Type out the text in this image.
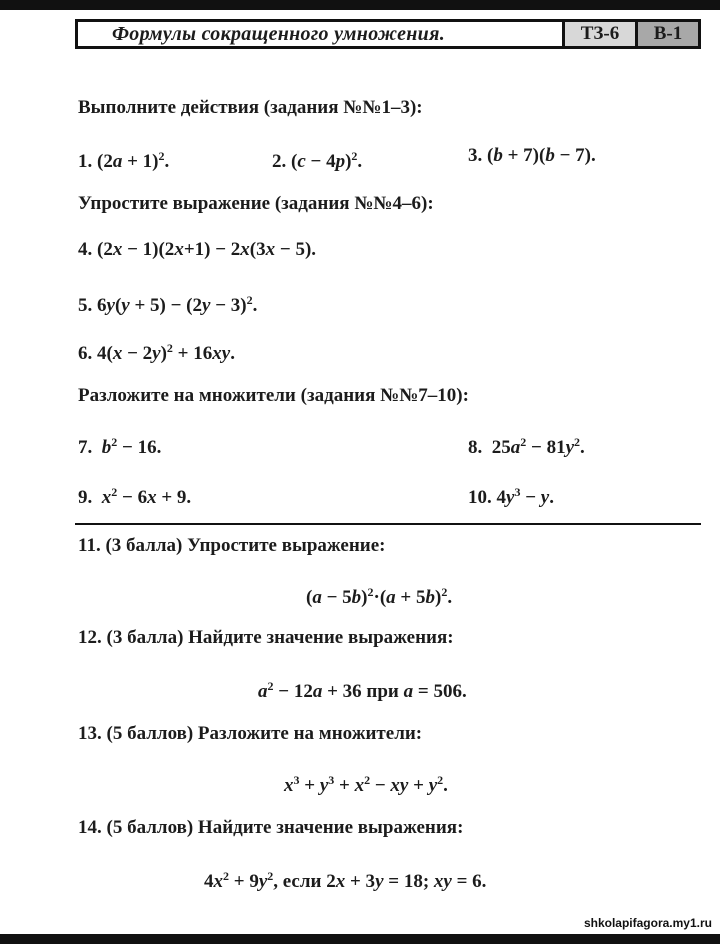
Формулы сокращенного умножения.	ТЗ-6	В-1
Выполните действия (задания №№1–3):
1. $(2a + 1)^2$.	2. $(c - 4p)^2$.	3. (b + 7)(b − 7).
Упростите выражение (задания №№4–6):
4. (2x − 1)(2x+1) − 2x(3x − 5).
5. $6y(y + 5) - (2y - 3)^2$.
6. $4(x - 2y)^2 + 16xy$.
Разложите на множители (задания №№7–10):
7. $b^2 - 16$.	8.  $25a^2 - 81y^2$.
9. $x^2 - 6x + 9$.	10. $4y^3 - y$.
11. (3 балла) Упростите выражение:
$(a - 5b)^2\cdot(a + 5b)^2$.
12. (3 балла) Найдите значение выражения:
$a^2 - 12a + 36$ при a = 506.
13. (5 баллов) Разложите на множители:
$x^3 + y^3 + x^2$ − xy + $y^2$.
14. (5 баллов) Найдите значение выражения:
$4x^2 + 9y^2$, если 2x + 3y = 18; xy = 6.
shkolapifagora.my1.ru
